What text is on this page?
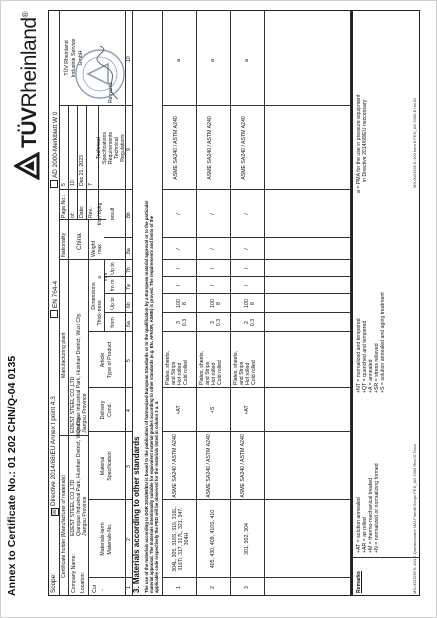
Annex to Certificate No.: 01 202 CHN/Q-04 0135
TÜVRheinland®
Scope:
☒Directive 2014/68/EU Annex I point 4.3
EN 764-4
AD 2000-Merkblatt W 0
Certificate holder (Manufacturer of materials) Company Name: Location:
EDEST STEEL CO.,LTD Qianqiao Industrial Park, Huishan District, Wuxi City, Jiangsu Province
Manufacturing plant
EDEST STEEL CO.,LTD Qianqiao Industrial Park, Huishan District, Wuxi City, Jiangsu Province
Nationality China
Page No.:
5
of:
10
Date:
Dec 21, 2023
Rev.:
7
TÜV Rheinland Industrie Service GmbH
Cur -
Materials-term Materials-No.
Material Specification
Delivery Cond.
Article Type of Product
Dimensions
Thick-ness
⌀ mm
from
Up to
fro m
Up to
Weight max
t/m / t/pkg result
Technical Specifications Requirements Technical Regulations
Remarks
1
2
3
4
5
6a
6b
7a
7b
8a
8b
9
10
3. Materials according to other standards The use of the materials according to DGR 2014/68/EU is bound to the publication of harmonized European Standards or to the qualification by a European material approval or to the particular material appraisal. The materials intentionally suitable for equivalent material grades according to other standards (e.g. EN, AFNOR, ASME) is proved. The requirements and limits of the applicable code respectively the PED will be observed for the materials listed in column 3 a. 4.	1
304L, 305, 316S, 316, 316L, 316Ti, 317, 317L, 321, 347, 304H
ASME SA240 / ASTM A240
+AT
Plates, sheets, and Strips Hot rolled Cold rolled
3 0.3
100 8
/
/
/
/
ASME SA240 / ASTM A240
a
2
405, 430, 409, 410S, 410
ASME SA240 / ASTM A240
+S
Plates, sheets, and Strips Hot rolled Cold rolled
3 0.3
100 8
/
/
/
/
ASME SA240 / ASTM A240
a
3
301, 302, 304
ASME SA240 / ASTM A240
+AT
Plates, sheets, and Strips Hot rolled Cold rolled
2 0.3
100 8
/
/
/
/
ASME SA240 / ASTM A240
a
Remarks
+AT = solution annealed +AR = as rolled +M = thermo-mechanical treated +N = normalized or normalizing formed
+NT = normalized and tempered +QT = quenched and tempered +A = annealed +SR = stress relieved +S = solution annealed and aging treatment
a = PMA for the use in pressure equipment in Directive 2014/68/EU neccessary
MS-0031559 E-10/LE-Questionnaire MAI-Formfil-Scope PED_AD 2000 Rev.02 Docx
MS-0031559 E-100 form 8 PED_AD 2000-E rev.02
